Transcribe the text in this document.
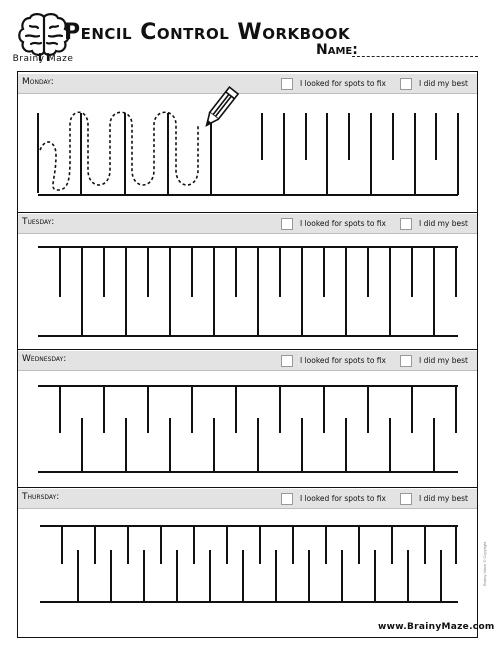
Brainy Maze
Pencil Control Workbook
Name:
Monday:	I looked for spots to fix	I did my best
Tuesday:	I looked for spots to fix	I did my best
Wednesday:	I looked for spots to fix	I did my best
Thursday:	I looked for spots to fix	I did my best
www.BrainyMaze.com
Brainy Maze © Copyright
